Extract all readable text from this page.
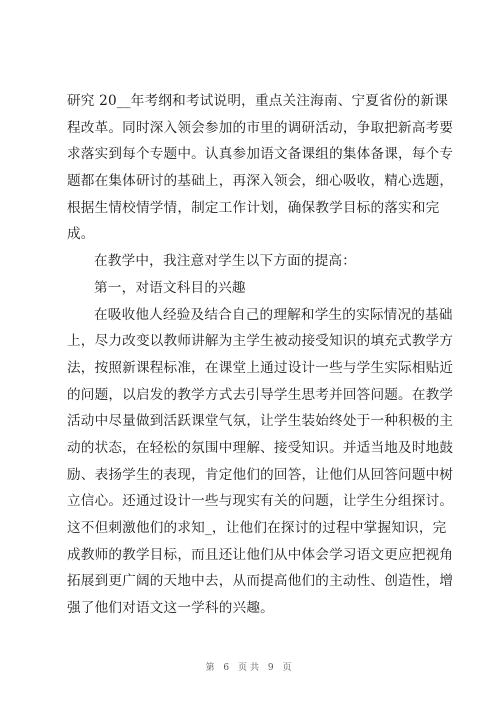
研究 20__年考纲和考试说明，重点关注海南、宁夏省份的新课
程改革。同时深入领会参加的市里的调研活动，争取把新高考要
求落实到每个专题中。认真参加语文备课组的集体备课，每个专
题都在集体研讨的基础上，再深入领会，细心吸收，精心选题，
根据生情校情学情，制定工作计划，确保教学目标的落实和完
成。
在教学中，我注意对学生以下方面的提高：
第一，对语文科目的兴趣
在吸收他人经验及结合自己的理解和学生的实际情况的基础
上，尽力改变以教师讲解为主学生被动接受知识的填充式教学方
法，按照新课程标准，在课堂上通过设计一些与学生实际相贴近
的问题，以启发的教学方式去引导学生思考并回答问题。在教学
活动中尽量做到活跃课堂气氛，让学生装始终处于一种积极的主
动的状态，在轻松的氛围中理解、接受知识。并适当地及时地鼓
励、表扬学生的表现，肯定他们的回答，让他们从回答问题中树
立信心。还通过设计一些与现实有关的问题，让学生分组探讨。
这不但刺激他们的求知_，让他们在探讨的过程中掌握知识，完
成教师的教学目标，而且还让他们从中体会学习语文更应把视角
拓展到更广阔的天地中去，从而提高他们的主动性、创造性，增
强了他们对语文这一学科的兴趣。
第 6 页共 9 页
